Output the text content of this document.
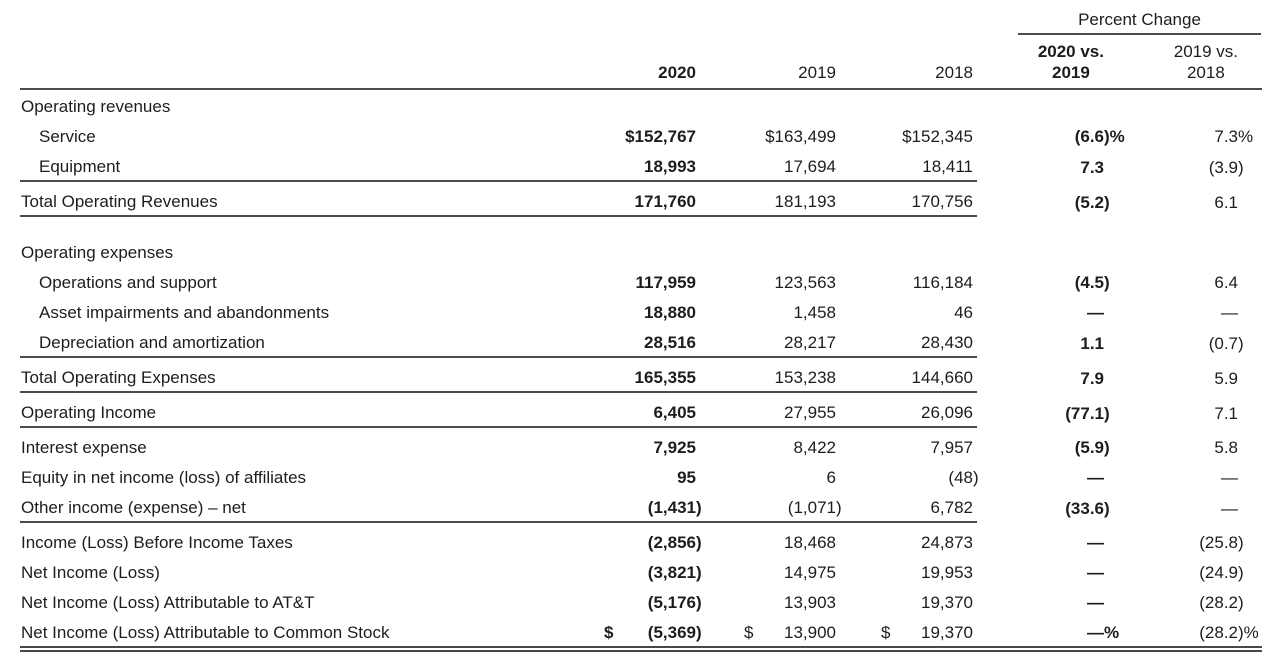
				Percent Change	

	2020	2019	2018	2020 vs.
2019	2019 vs.
2018

Operating revenues					
Service	$152,767	$163,499	$152,345	(6.6 )%	7.3 %

Equipment	18,993	17,694	18,411	7.3	(3.9 )

Total Operating Revenues	171,760	181,193	170,756	(5.2 )	6.1

Operating expenses					
Operations and support	117,959	123,563	116,184	(4.5 )	6.4
Asset impairments and abandonments	18,880	1,458	46	—	—
Depreciation and amortization	28,516	28,217	28,430	1.1	(0.7 )

Total Operating Expenses	165,355	153,238	144,660	7.9	5.9
Operating Income	6,405	27,955	26,096	(77.1 )	7.1
Interest expense	7,925	8,422	7,957	(5.9 )	5.8
Equity in net income (loss) of affiliates	95	6	(48 )	—	—
Other income (expense) – net	(1,431 )	(1,071 )	6,782	(33.6 )	—
Income (Loss) Before Income Taxes	(2,856 )	18,468	24,873	—	(25.8 )

Net Income (Loss)	(3,821 )	14,975	19,953	—	(24.9 )

Net Income (Loss) Attributable to AT&T	(5,176 )	13,903	19,370	—	(28.2 )

Net Income (Loss) Attributable to Common Stock	$ (5,369 )	$ 13,900	$ 19,370	— %	(28.2 )%
